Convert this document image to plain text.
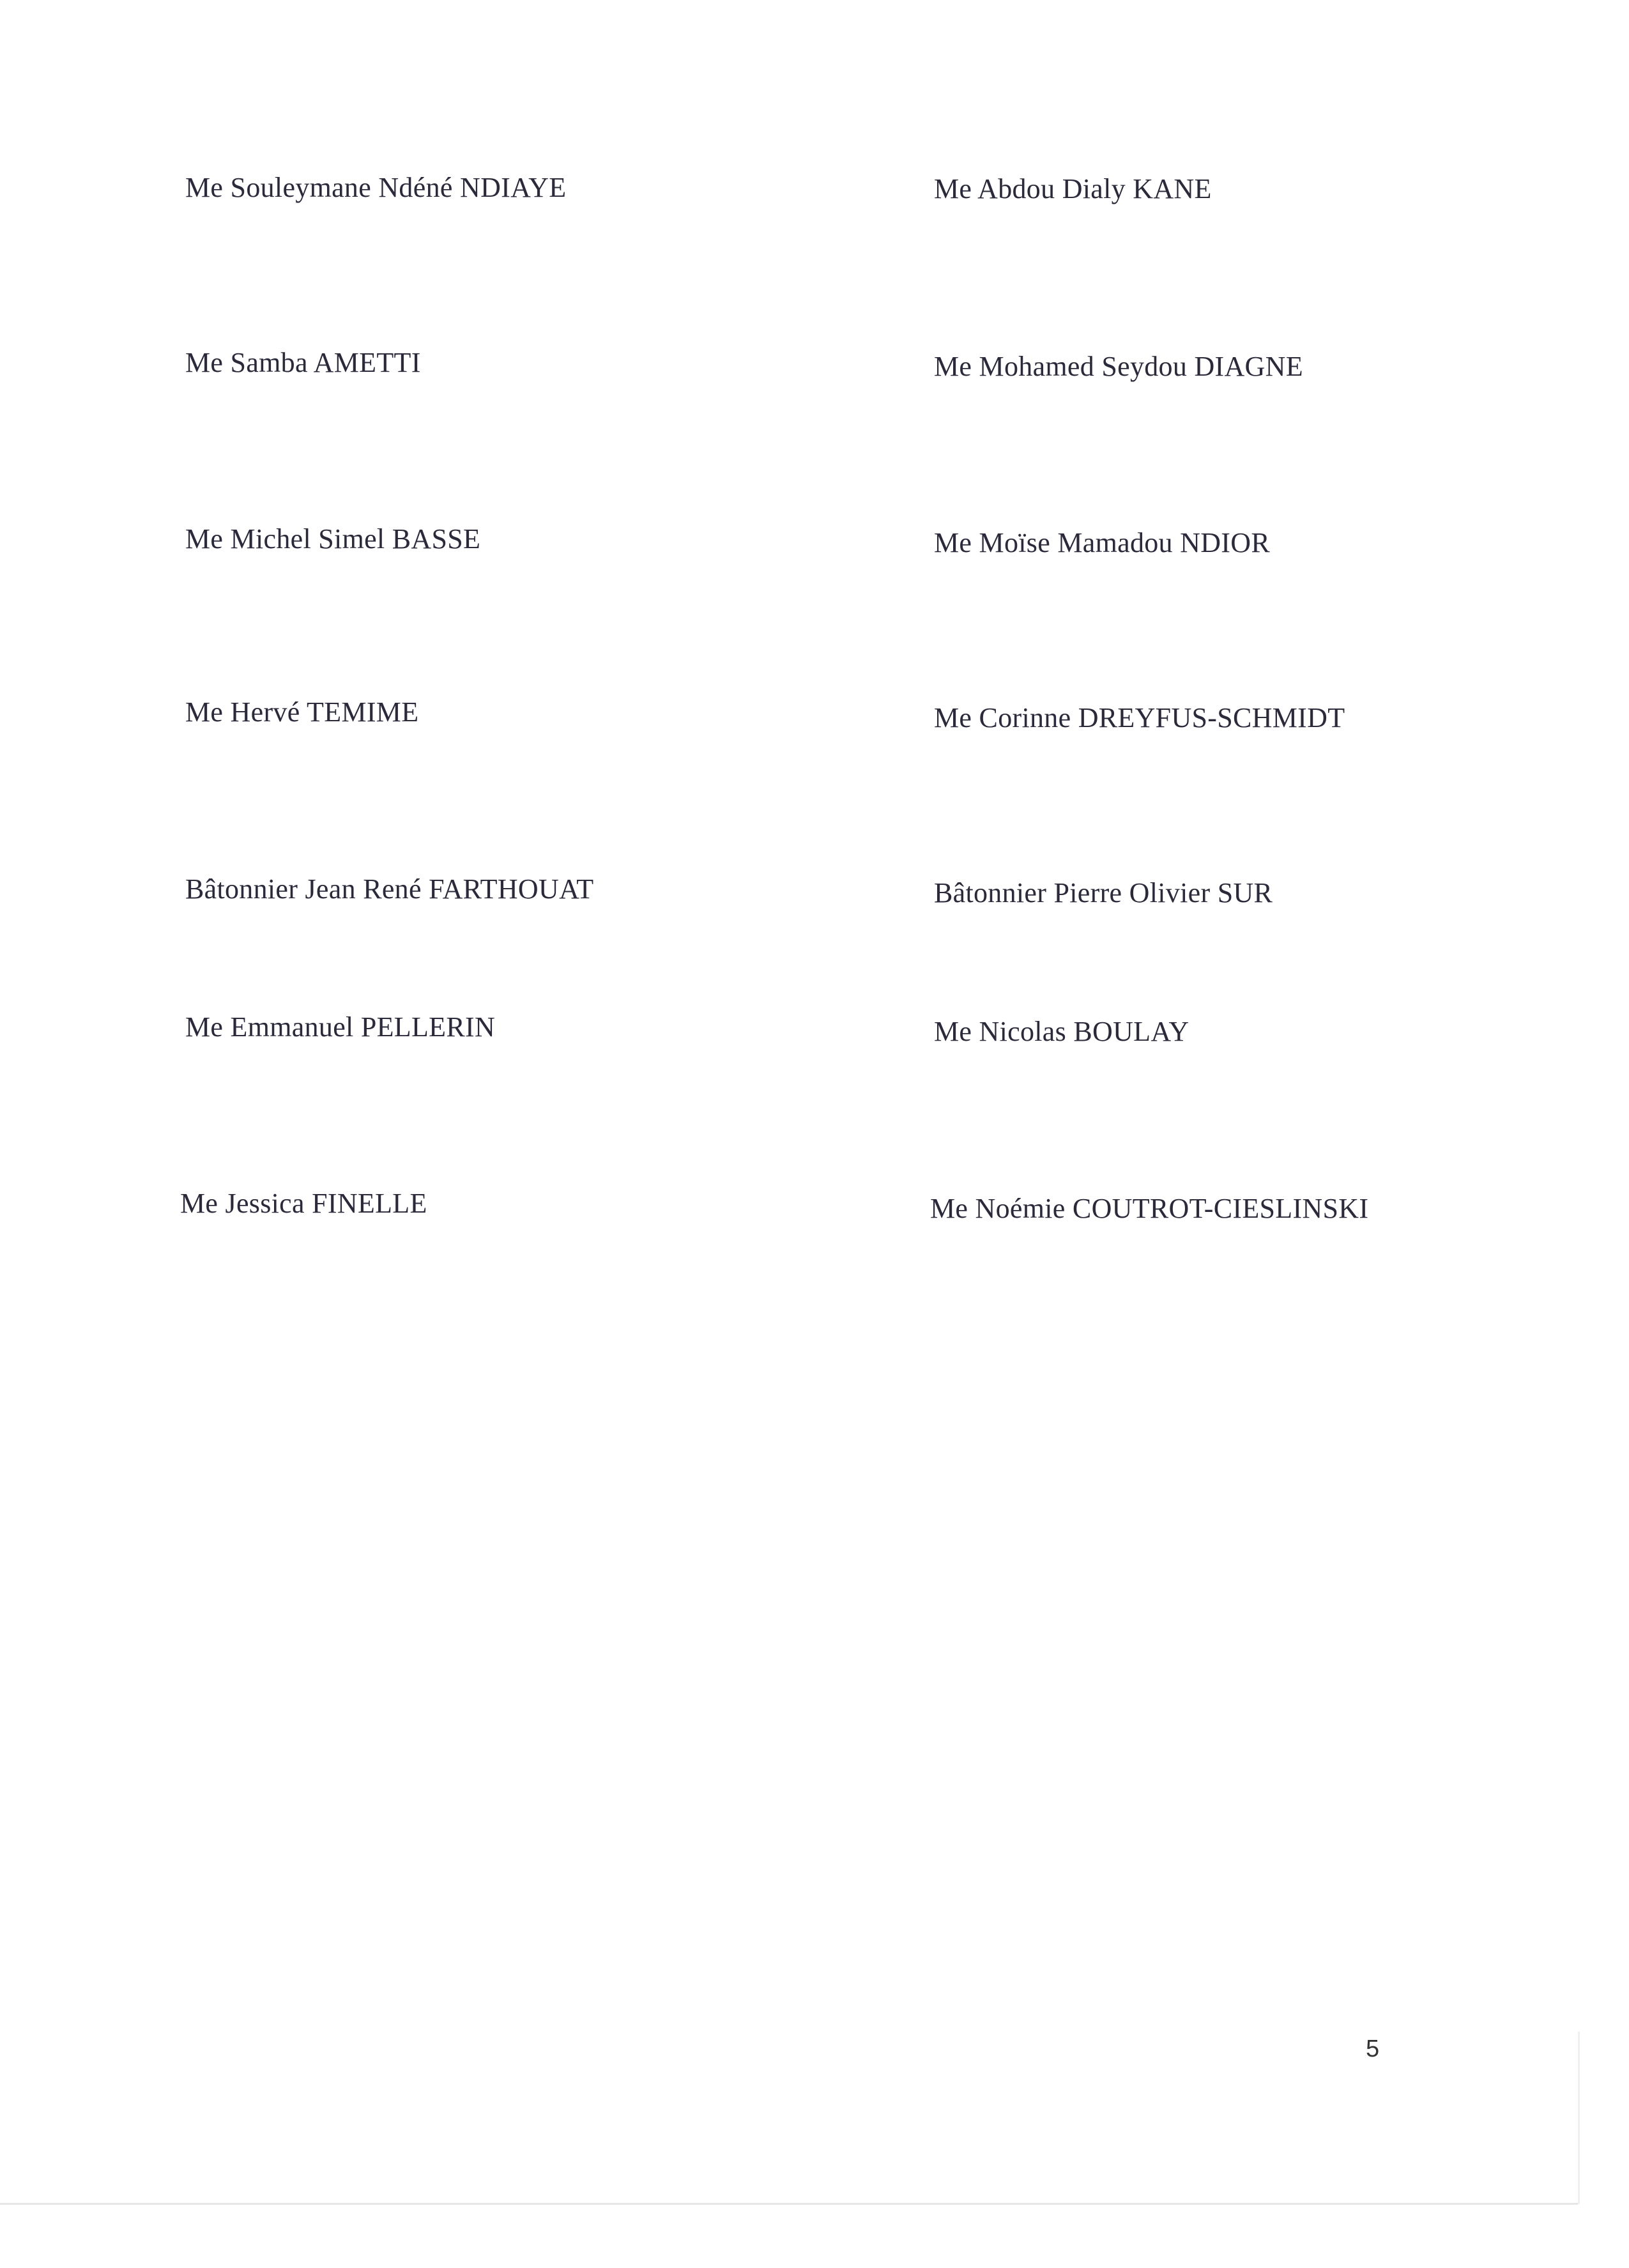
Me Souleymane Ndéné NDIAYE	Me Abdou Dialy KANE
Me Samba AMETTI	Me Mohamed Seydou DIAGNE
Me Michel Simel BASSE	Me Moïse Mamadou NDIOR
Me Hervé TEMIME	Me Corinne DREYFUS-SCHMIDT
Bâtonnier Jean René FARTHOUAT	Bâtonnier Pierre Olivier SUR
Me Emmanuel PELLERIN	Me Nicolas BOULAY
Me Jessica FINELLE	Me Noémie COUTROT-CIESLINSKI
5
